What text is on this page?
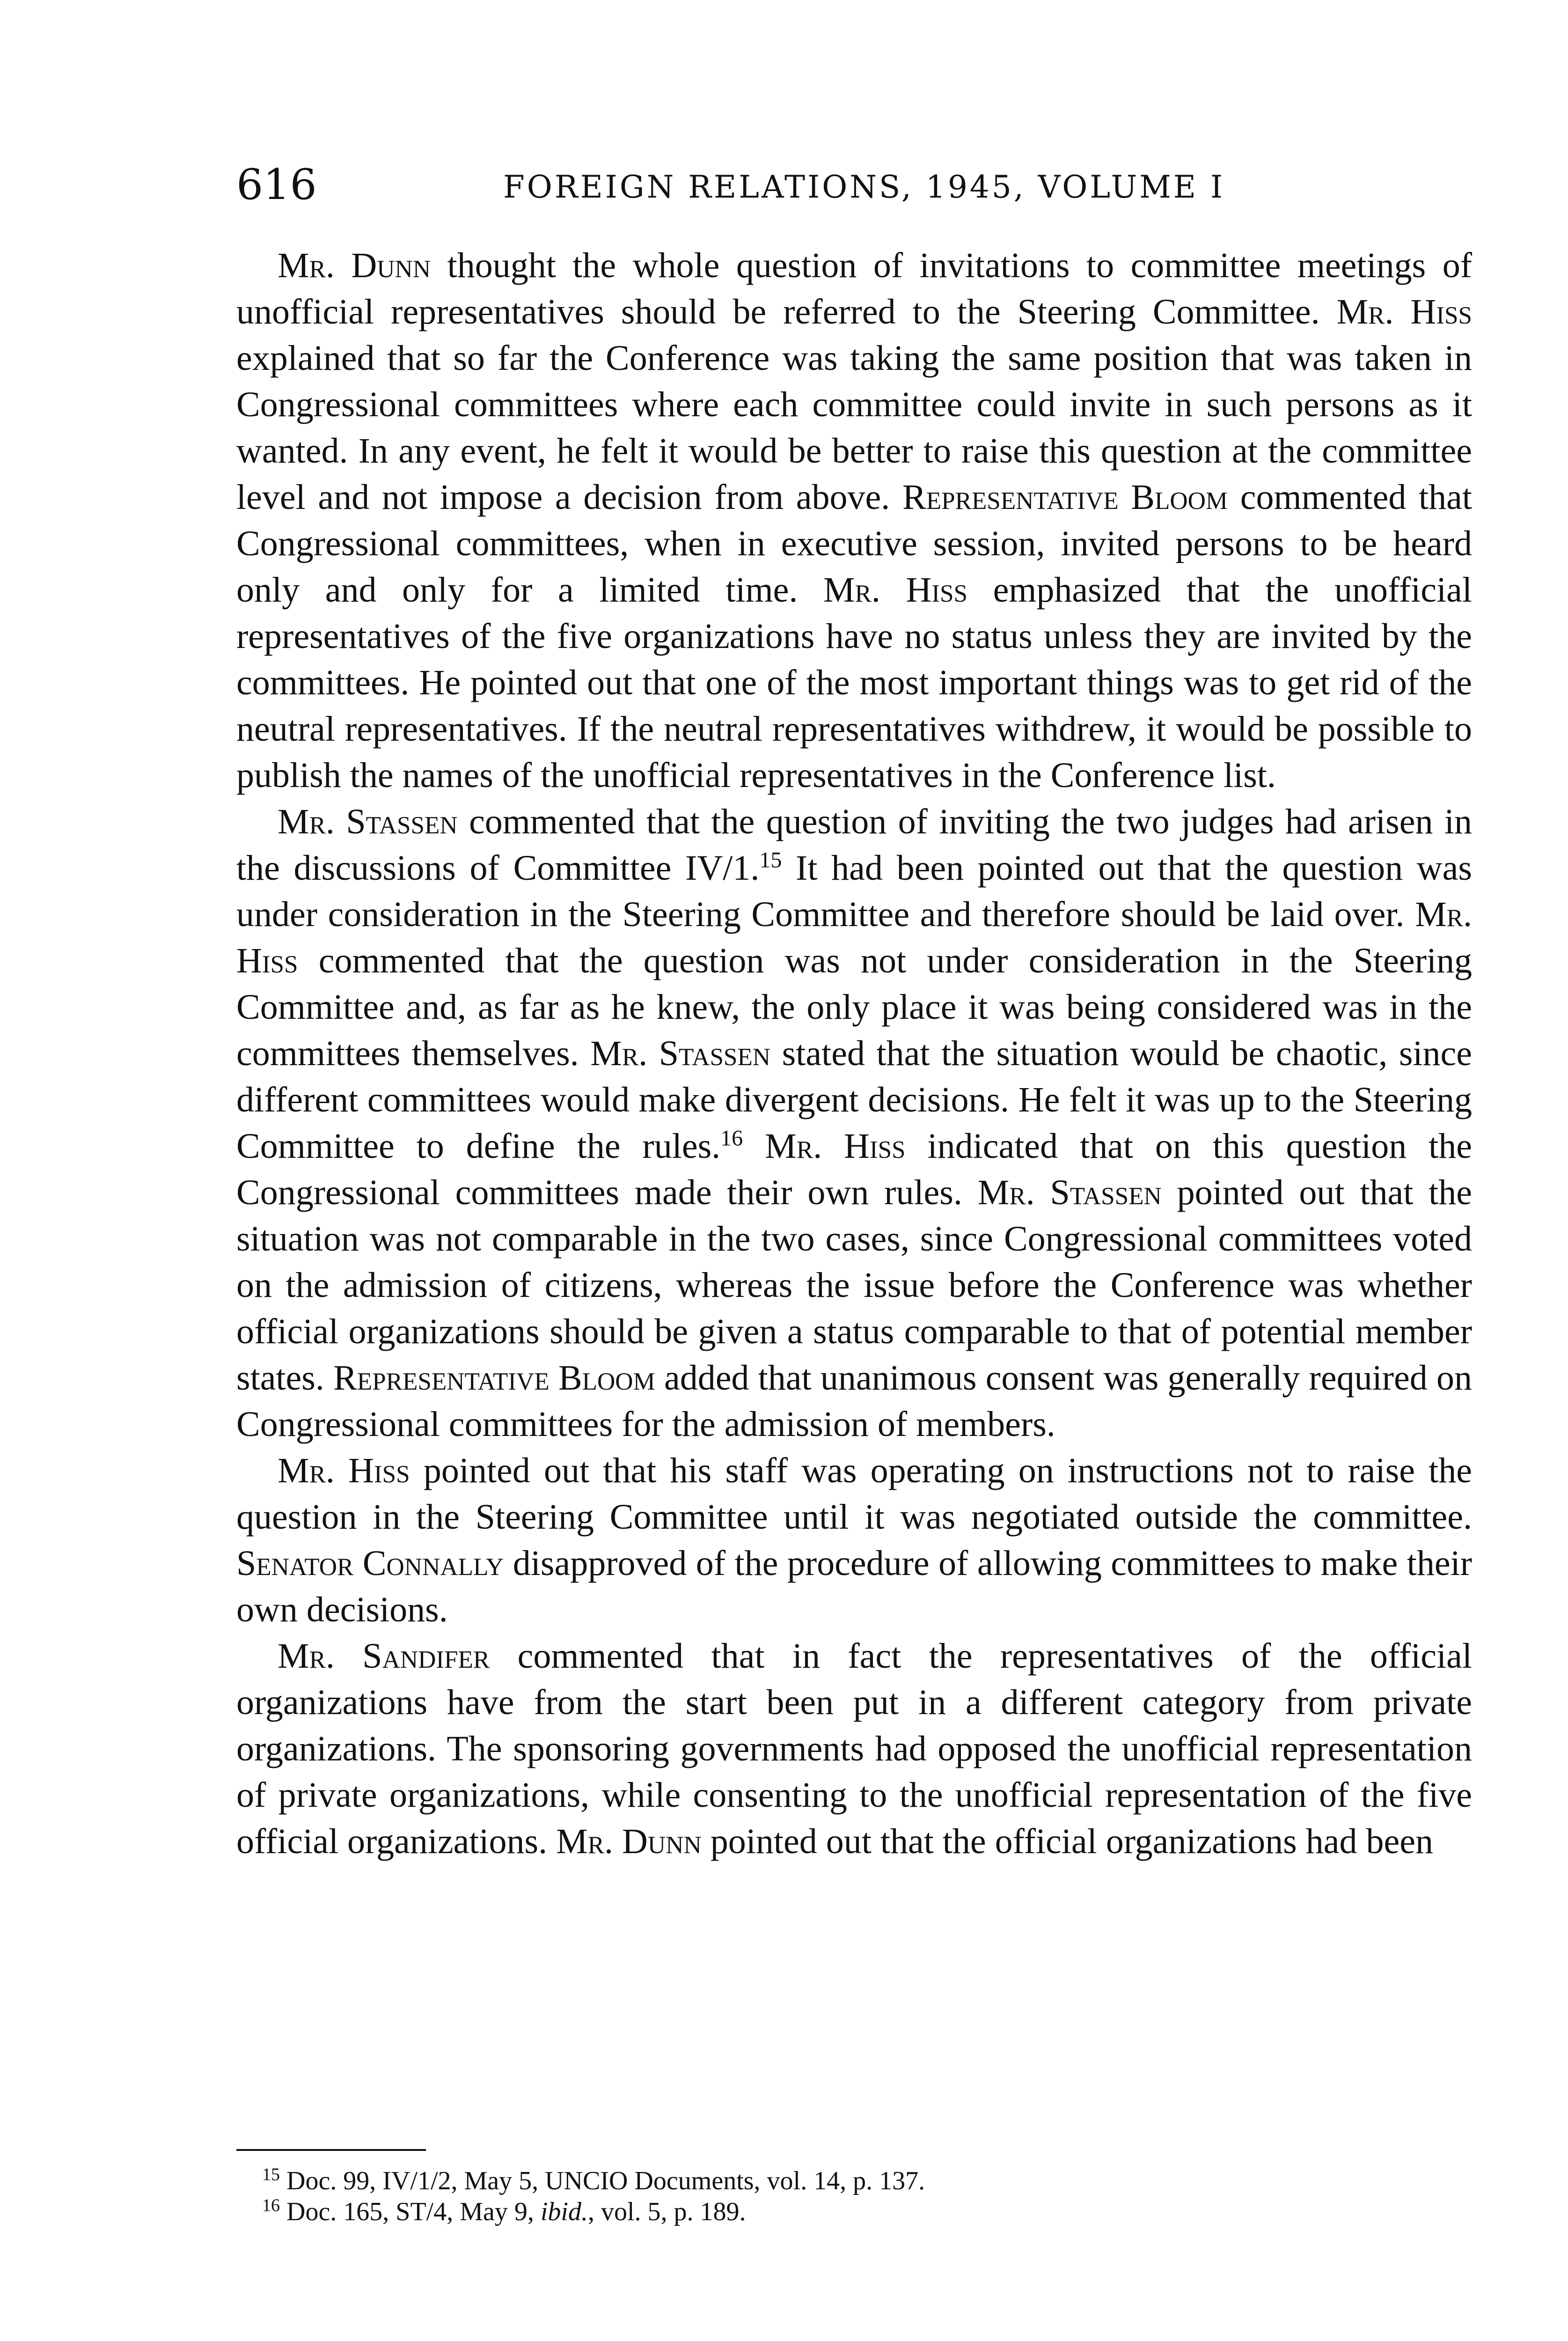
616	FOREIGN RELATIONS, 1945, VOLUME I

Mr. Dunn thought the whole question of invitations to committee meetings of unofficial representatives should be referred to the Steering Committee. Mr. Hiss explained that so far the Conference was taking the same position that was taken in Congressional committees where each committee could invite in such persons as it wanted. In any event, he felt it would be better to raise this question at the committee level and not impose a decision from above. Representative Bloom commented that Congressional committees, when in executive session, invited persons to be heard only and only for a limited time. Mr. Hiss emphasized that the unofficial representatives of the five organizations have no status unless they are invited by the committees. He pointed out that one of the most important things was to get rid of the neutral representatives. If the neutral representatives withdrew, it would be possible to publish the names of the unofficial representatives in the Conference list.

Mr. Stassen commented that the question of inviting the two judges had arisen in the discussions of Committee IV/1.15 It had been pointed out that the question was under consideration in the Steering Committee and therefore should be laid over. Mr. Hiss commented that the question was not under consideration in the Steering Committee and, as far as he knew, the only place it was being considered was in the committees themselves. Mr. Stassen stated that the situation would be chaotic, since different committees would make divergent decisions. He felt it was up to the Steering Committee to define the rules.$^{16}$ Mr. Hiss indicated that on this question the Congressional committees made their own rules. Mr. Stassen pointed out that the situation was not comparable in the two cases, since Congressional committees voted on the admission of citizens, whereas the issue before the Conference was whether official organizations should be given a status comparable to that of potential member states. Representative Bloom added that unanimous consent was generally required on Congressional committees for the admission of members.

Mr. Hiss pointed out that his staff was operating on instructions not to raise the question in the Steering Committee until it was negotiated outside the committee. Senator Connally disapproved of the procedure of allowing committees to make their own decisions.

Mr. Sandifer commented that in fact the representatives of the official organizations have from the start been put in a different category from private organizations. The sponsoring governments had opposed the unofficial representation of private organizations, while consenting to the unofficial representation of the five official organizations. Mr. Dunn pointed out that the official organizations had been

$^{15}$ Doc. 99, IV/1/2, May 5, UNCIO Documents, vol. 14, p. 137.

$^{16}$ Doc. 165, ST/4, May 9, ibid., vol. 5, p. 189.
